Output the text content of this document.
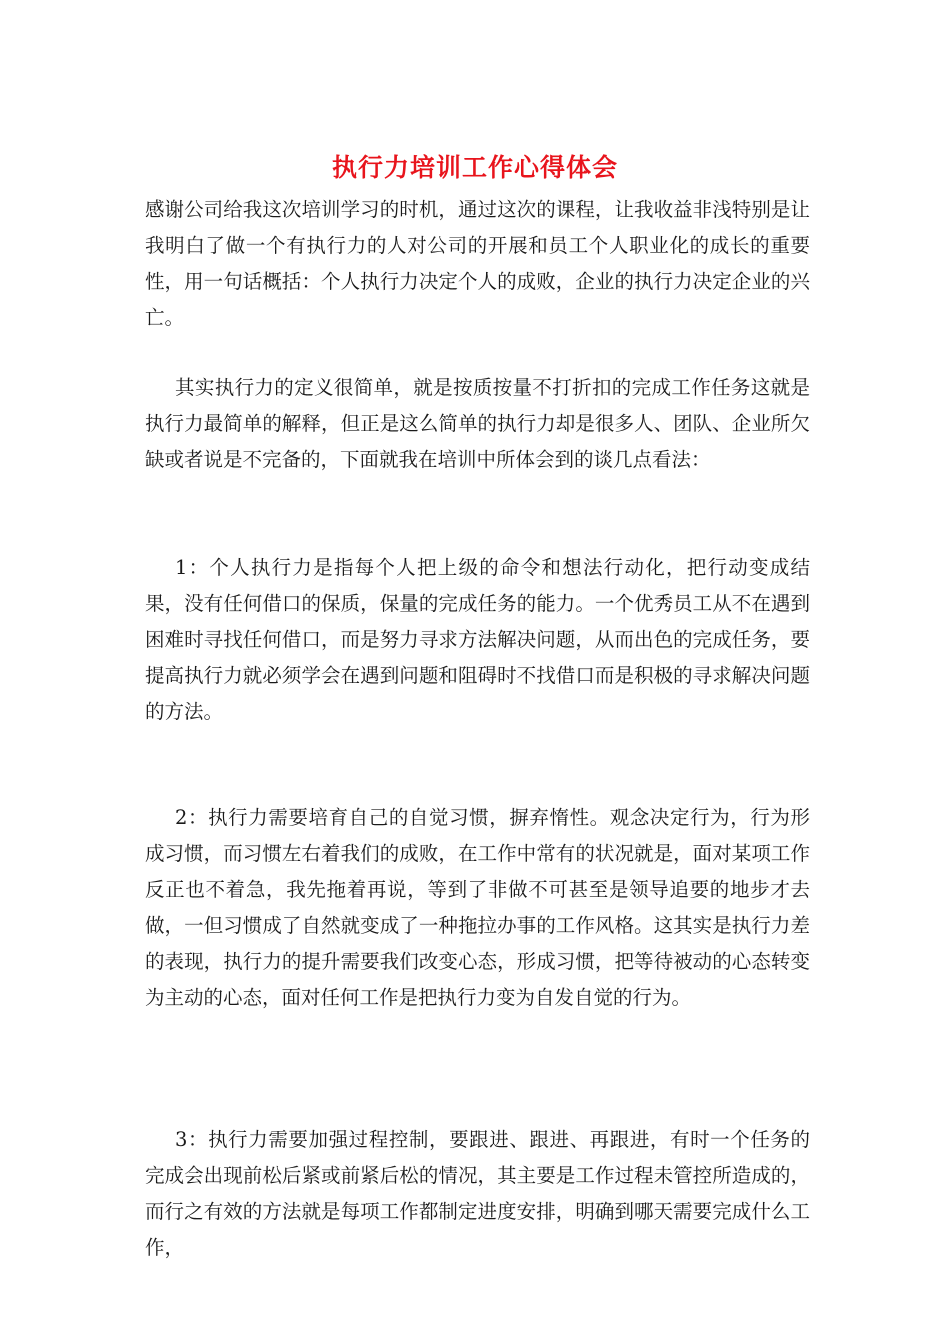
执行力培训工作心得体会

感谢公司给我这次培训学习的时机，通过这次的课程，让我收益非浅特别是让我明白了做一个有执行力的人对公司的开展和员工个人职业化的成长的重要性，用一句话概括：个人执行力决定个人的成败，企业的执行力决定企业的兴亡。

其实执行力的定义很简单，就是按质按量不打折扣的完成工作任务这就是执行力最简单的解释，但正是这么简单的执行力却是很多人、团队、企业所欠缺或者说是不完备的，下面就我在培训中所体会到的谈几点看法：

1：个人执行力是指每个人把上级的命令和想法行动化，把行动变成结果，没有任何借口的保质，保量的完成任务的能力。一个优秀员工从不在遇到困难时寻找任何借口，而是努力寻求方法解决问题，从而出色的完成任务，要提高执行力就必须学会在遇到问题和阻碍时不找借口而是积极的寻求解决问题的方法。

2：执行力需要培育自己的自觉习惯，摒弃惰性。观念决定行为，行为形成习惯，而习惯左右着我们的成败，在工作中常有的状况就是，面对某项工作反正也不着急，我先拖着再说，等到了非做不可甚至是领导追要的地步才去做，一但习惯成了自然就变成了一种拖拉办事的工作风格。这其实是执行力差的表现，执行力的提升需要我们改变心态，形成习惯，把等待被动的心态转变为主动的心态，面对任何工作是把执行力变为自发自觉的行为。

3：执行力需要加强过程控制，要跟进、跟进、再跟进，有时一个任务的完成会出现前松后紧或前紧后松的情况，其主要是工作过程未管控所造成的，而行之有效的方法就是每项工作都制定进度安排，明确到哪天需要完成什么工作，
